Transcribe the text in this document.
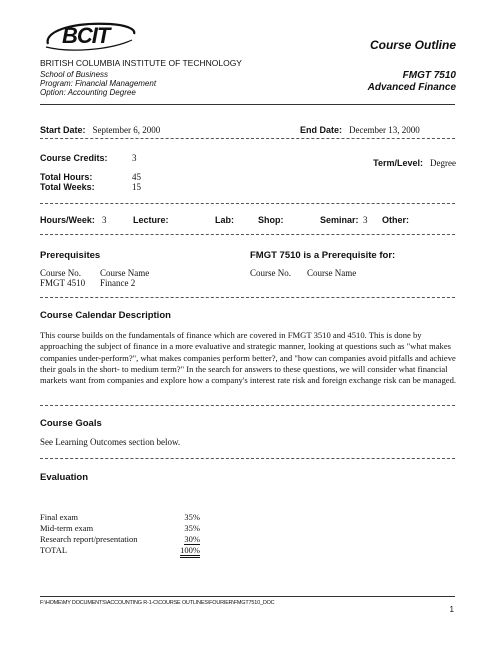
BCIT
BRITISH COLUMBIA INSTITUTE OF TECHNOLOGY
School of Business
Program: Financial Management
Option: Accounting Degree
Course Outline
FMGT 7510
Advanced Finance
Start Date: September 6, 2000	End Date: December 13, 2000
Course Credits:	3	Term/Level: Degree
Total Hours:	45
Total Weeks:	15
Hours/Week: 3	Lecture:	Lab:	Shop:	Seminar: 3 Other:
Prerequisites
Course No. Course Name
FMGT 4510 Finance 2
FMGT 7510 is a Prerequisite for:
Course No. Course Name
Course Calendar Description
This course builds on the fundamentals of finance which are covered in FMGT 3510 and 4510. This is done by approaching the subject of finance in a more evaluative and strategic manner, looking at questions such as "what makes companies under-perform?", what makes companies perform better?, and "how can companies avoid pitfalls and achieve their goals in the short- to medium term?" In the search for answers to these questions, we will consider what financial markets want from companies and explore how a company's interest rate risk and foreign exchange risk can be managed.
Course Goals
See Learning Outcomes section below.
Evaluation
Final exam	35%
Mid-term exam	35%
Research report/presentation	30%
TOTAL	100%
F:\HOME\MY DOCUMENTS\ACCOUNTING R-1-C\COURSE OUTLINES\FOURIER\FMGT7510_DOC
1
